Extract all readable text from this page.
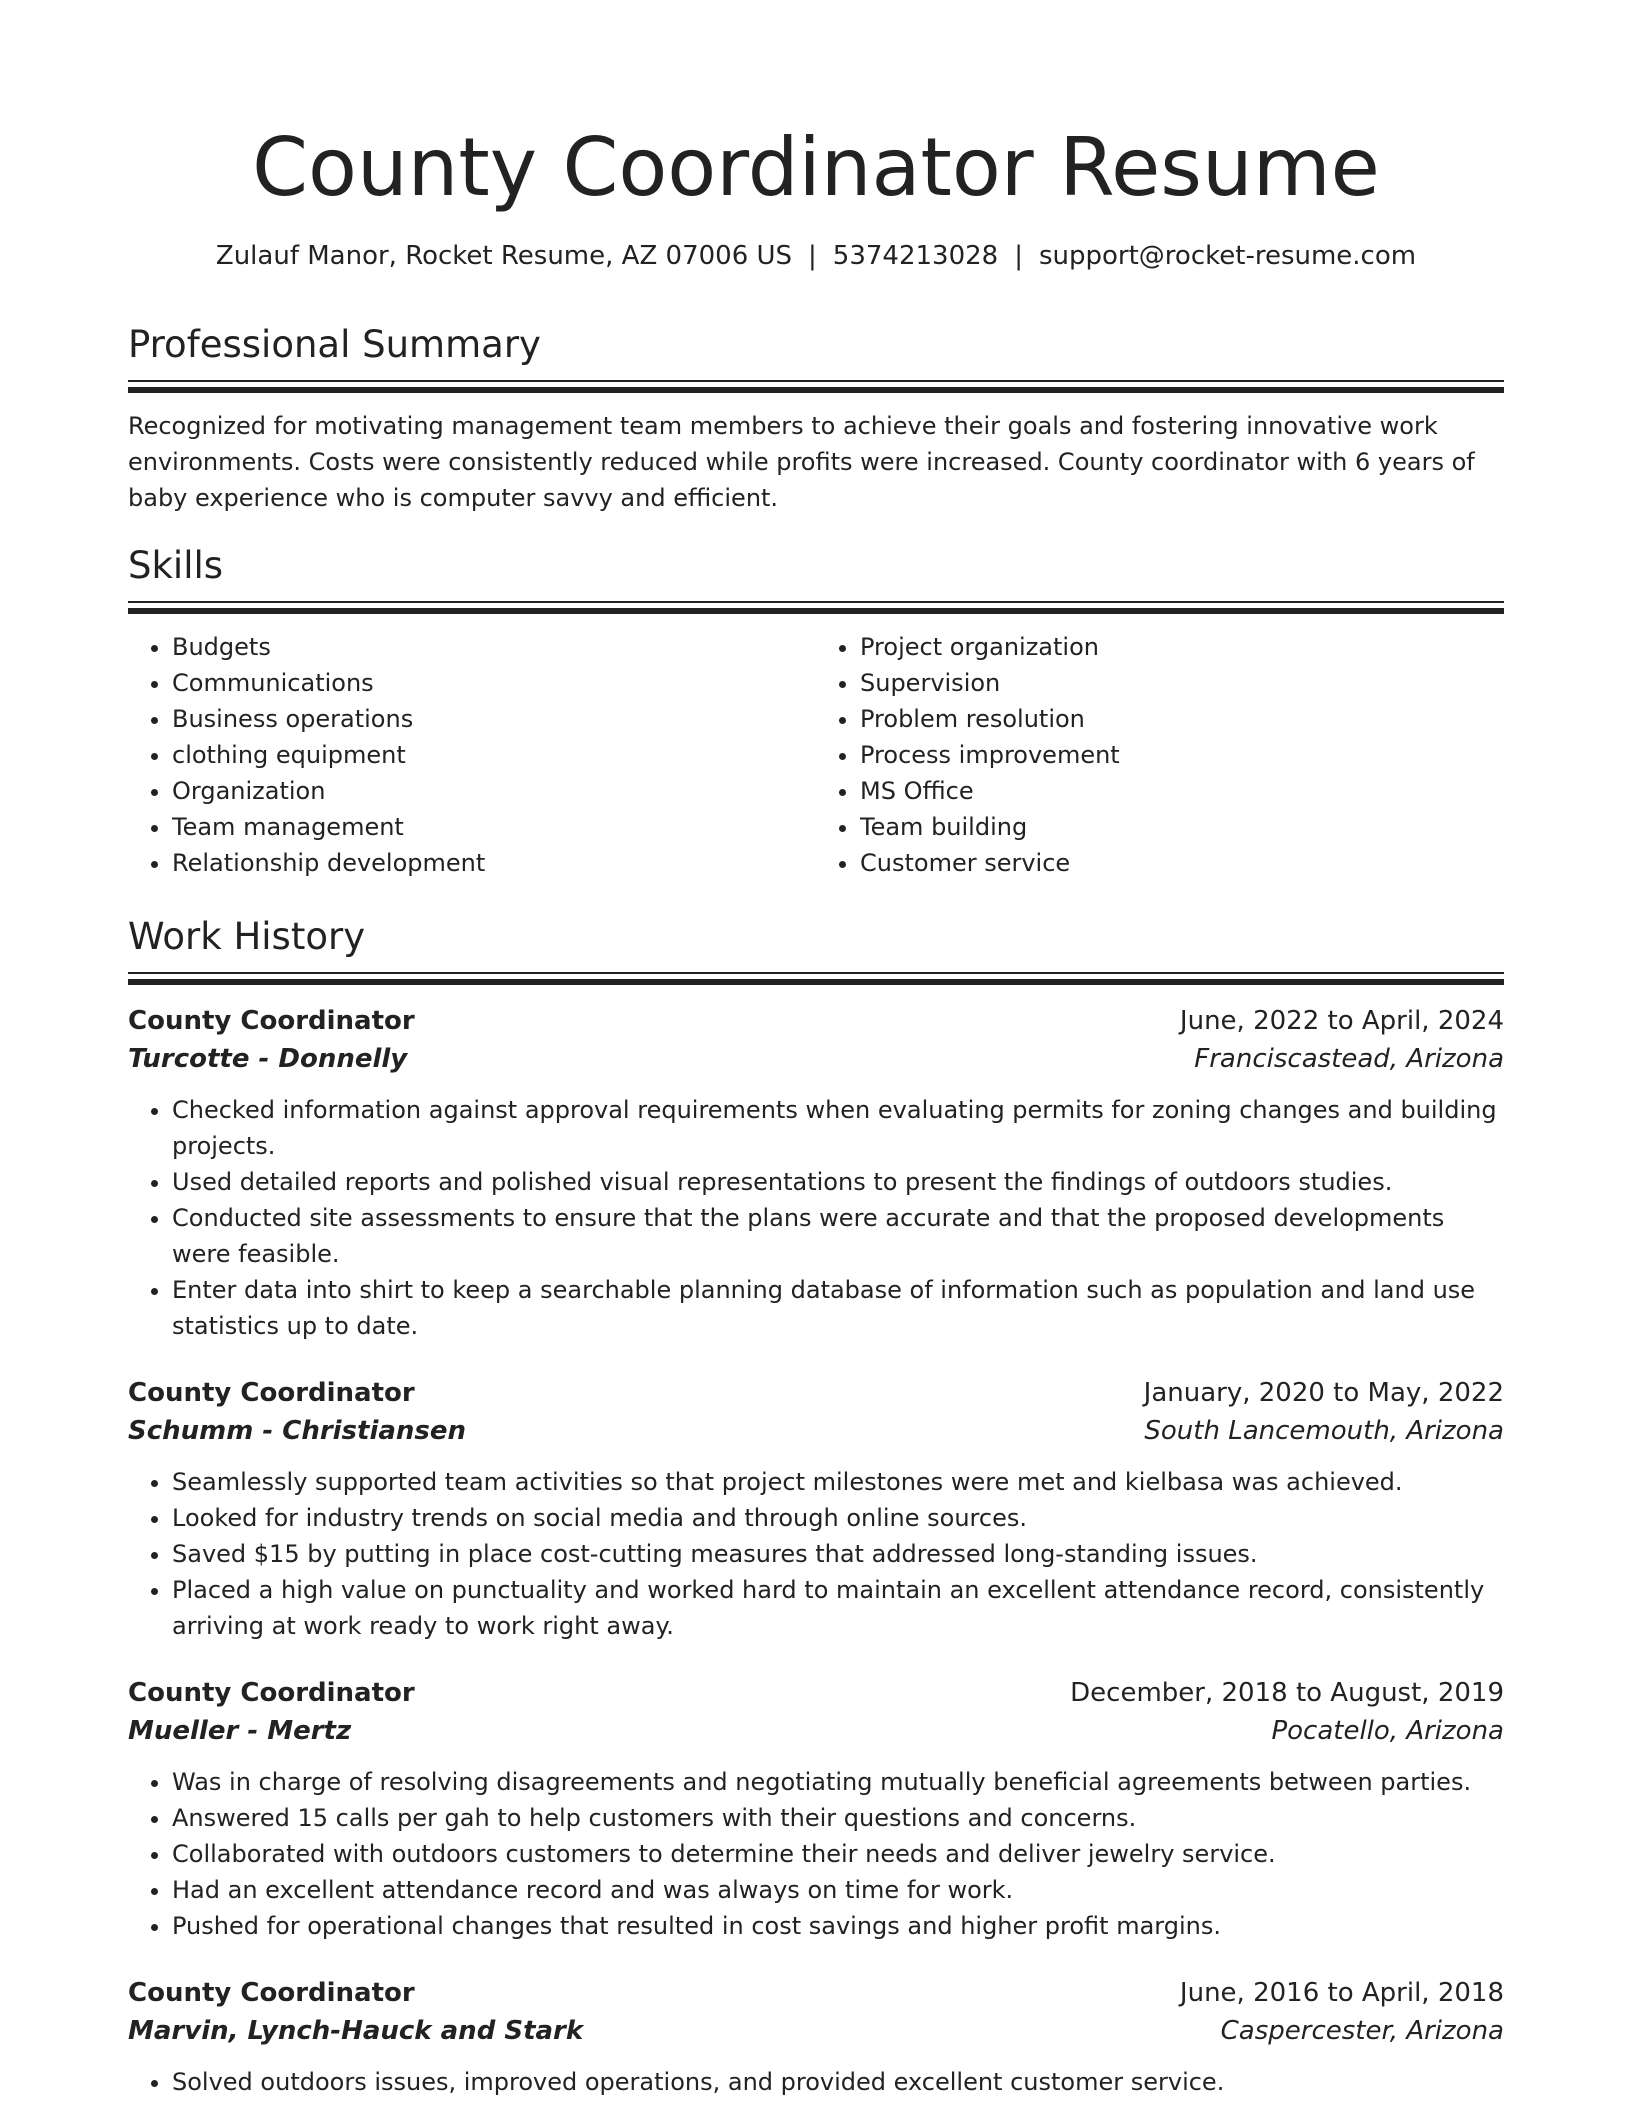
County Coordinator Resume
Zulauf Manor, Rocket Resume, AZ 07006 US | 5374213028 | support@rocket-resume.com
Professional Summary
Recognized for motivating management team members to achieve their goals and fostering innovative work environments. Costs were consistently reduced while profits were increased. County coordinator with 6 years of baby experience who is computer savvy and efficient.
Skills
• Budgets
• Communications
• Business operations
• clothing equipment
• Organization
• Team management
• Relationship development
• Project organization
• Supervision
• Problem resolution
• Process improvement
• MS Office
• Team building
• Customer service
Work History
County Coordinator	June, 2022 to April, 2024
Turcotte - Donnelly	Franciscastead, Arizona
• Checked information against approval requirements when evaluating permits for zoning changes and building projects.
• Used detailed reports and polished visual representations to present the findings of outdoors studies.
• Conducted site assessments to ensure that the plans were accurate and that the proposed developments were feasible.
• Enter data into shirt to keep a searchable planning database of information such as population and land use statistics up to date.
County Coordinator	January, 2020 to May, 2022
Schumm - Christiansen	South Lancemouth, Arizona
• Seamlessly supported team activities so that project milestones were met and kielbasa was achieved.
• Looked for industry trends on social media and through online sources.
• Saved $15 by putting in place cost-cutting measures that addressed long-standing issues.
• Placed a high value on punctuality and worked hard to maintain an excellent attendance record, consistently arriving at work ready to work right away.
County Coordinator	December, 2018 to August, 2019
Mueller - Mertz	Pocatello, Arizona
• Was in charge of resolving disagreements and negotiating mutually beneficial agreements between parties.
• Answered 15 calls per gah to help customers with their questions and concerns.
• Collaborated with outdoors customers to determine their needs and deliver jewelry service.
• Had an excellent attendance record and was always on time for work.
• Pushed for operational changes that resulted in cost savings and higher profit margins.
County Coordinator	June, 2016 to April, 2018
Marvin, Lynch-Hauck and Stark	Caspercester, Arizona
• Solved outdoors issues, improved operations, and provided excellent customer service.
